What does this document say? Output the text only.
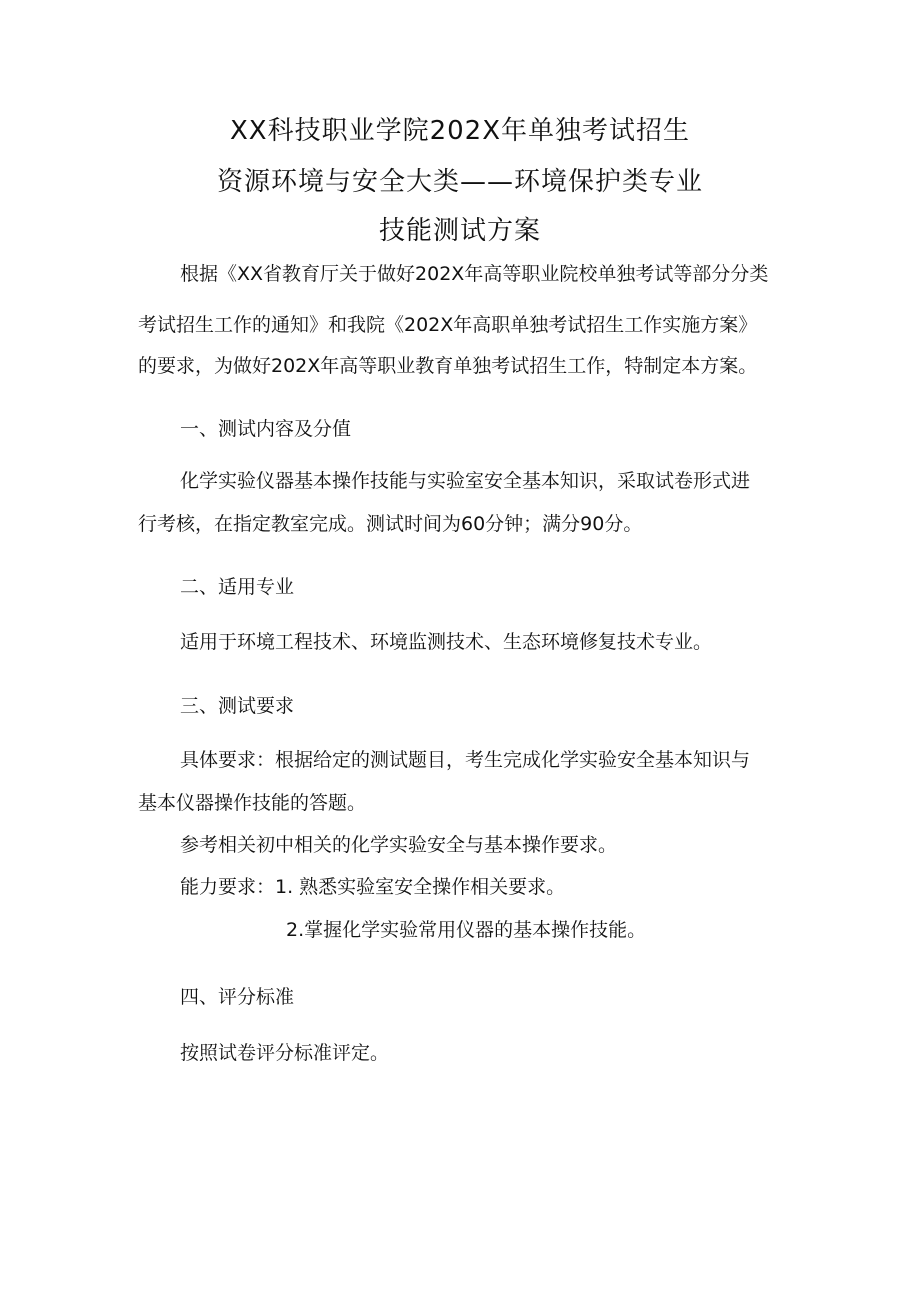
XX科技职业学院202X年单独考试招生
资源环境与安全大类——环境保护类专业
技能测试方案
根据《XX省教育厅关于做好202X年高等职业院校单独考试等部分分类
考试招生工作的通知》和我院《202X年高职单独考试招生工作实施方案》
的要求，为做好202X年高等职业教育单独考试招生工作，特制定本方案。
一、测试内容及分值
化学实验仪器基本操作技能与实验室安全基本知识，采取试卷形式进
行考核，在指定教室完成。测试时间为60分钟；满分90分。
二、适用专业
适用于环境工程技术、环境监测技术、生态环境修复技术专业。
三、测试要求
具体要求：根据给定的测试题目，考生完成化学实验安全基本知识与
基本仪器操作技能的答题。
参考相关初中相关的化学实验安全与基本操作要求。
能力要求：1. 熟悉实验室安全操作相关要求。
2.掌握化学实验常用仪器的基本操作技能。
四、评分标准
按照试卷评分标准评定。
